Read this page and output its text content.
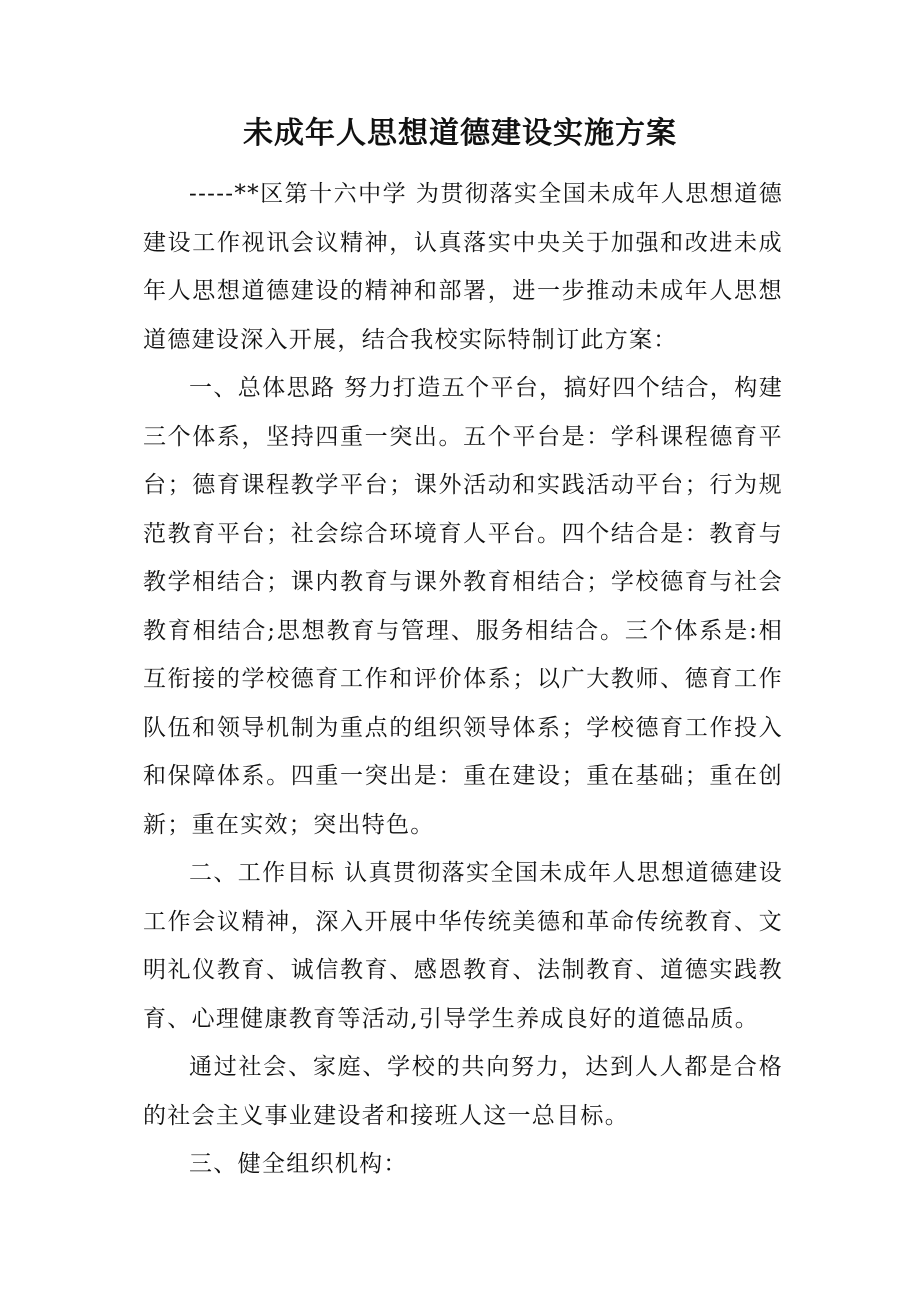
未成年人思想道德建设实施方案

-----**区第十六中学 为贯彻落实全国未成年人思想道德建设工作视讯会议精神，认真落实中央关于加强和改进未成年人思想道德建设的精神和部署，进一步推动未成年人思想道德建设深入开展，结合我校实际特制订此方案：

一、总体思路 努力打造五个平台，搞好四个结合，构建三个体系，坚持四重一突出。五个平台是：学科课程德育平台；德育课程教学平台；课外活动和实践活动平台；行为规范教育平台；社会综合环境育人平台。四个结合是：教育与教学相结合；课内教育与课外教育相结合；学校德育与社会教育相结合;思想教育与管理、服务相结合。三个体系是:相互衔接的学校德育工作和评价体系；以广大教师、德育工作队伍和领导机制为重点的组织领导体系；学校德育工作投入和保障体系。四重一突出是：重在建设；重在基础；重在创新；重在实效；突出特色。

二、工作目标 认真贯彻落实全国未成年人思想道德建设工作会议精神，深入开展中华传统美德和革命传统教育、文明礼仪教育、诚信教育、感恩教育、法制教育、道德实践教育、心理健康教育等活动,引导学生养成良好的道德品质。

通过社会、家庭、学校的共向努力，达到人人都是合格的社会主义事业建设者和接班人这一总目标。

三、健全组织机构：
